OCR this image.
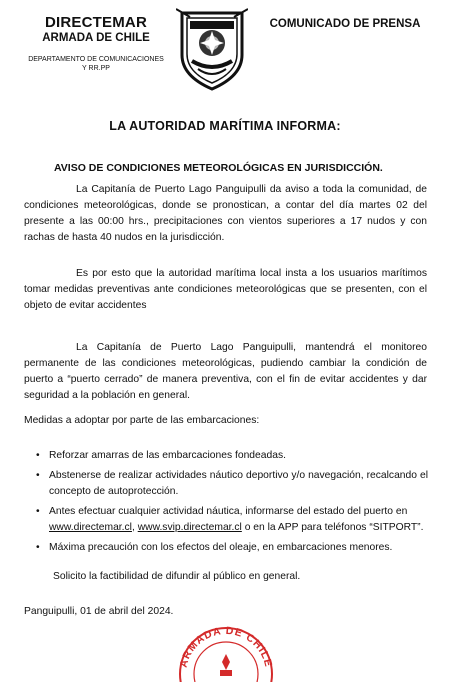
DIRECTEMAR
ARMADA DE CHILE
DEPARTAMENTO DE COMUNICACIONES
Y RR.PP
COMUNICADO DE PRENSA
LA AUTORIDAD MARÍTIMA INFORMA:
AVISO DE CONDICIONES METEOROLÓGICAS EN JURISDICCIÓN.

La Capitanía de Puerto Lago Panguipulli da aviso a toda la comunidad, de condiciones meteorológicas, donde se pronostican, a contar del día martes 02 del presente a las 00:00 hrs., precipitaciones con vientos superiores a 17 nudos y con rachas de hasta 40 nudos en la jurisdicción.

Es por esto que la autoridad marítima local insta a los usuarios marítimos tomar medidas preventivas ante condiciones meteorológicas que se presenten, con el objeto de evitar accidentes

La Capitanía de Puerto Lago Panguipulli, mantendrá el monitoreo permanente de las condiciones meteorológicas, pudiendo cambiar la condición de puerto a “puerto cerrado” de manera preventiva, con el fin de evitar accidentes y dar seguridad a la población en general.

Medidas a adoptar por parte de las embarcaciones:

• Reforzar amarras de las embarcaciones fondeadas.
• Abstenerse de realizar actividades náutico deportivo y/o navegación, recalcando el concepto de autoprotección.
• Antes efectuar cualquier actividad náutica, informarse del estado del puerto en
www.directemar.cl, www.svip.directemar.cl o en la APP para teléfonos “SITPORT”.
• Máxima precaución con los efectos del oleaje, en embarcaciones menores.
Solicito la factibilidad de difundir al público en general.
Panguipulli, 01 de abril del 2024.
ARMADA DE CHILE
